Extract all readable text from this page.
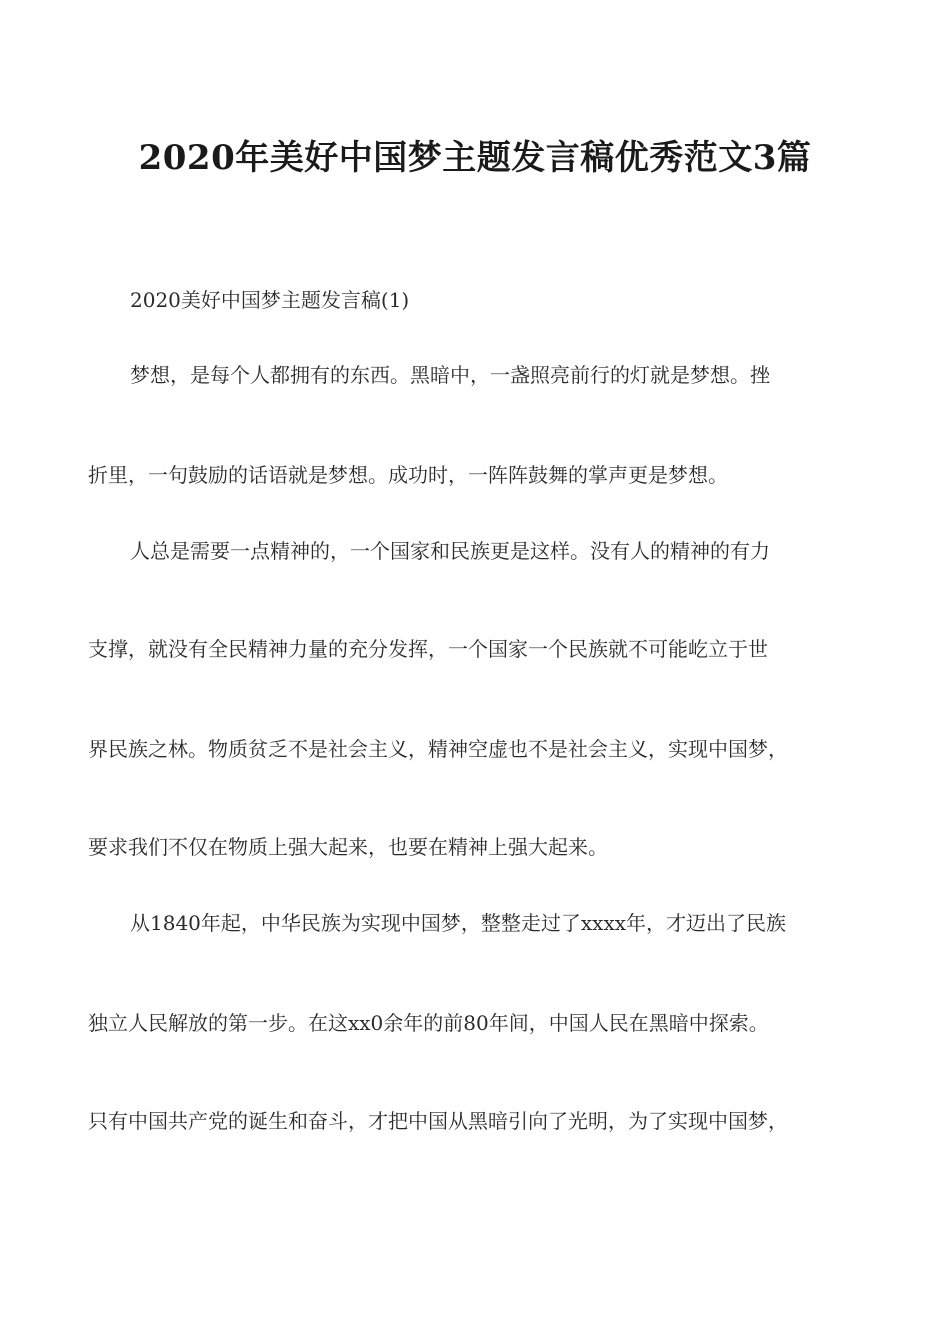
2020年美好中国梦主题发言稿优秀范文3篇
2020美好中国梦主题发言稿(1)
梦想，是每个人都拥有的东西。黑暗中，一盏照亮前行的灯就是梦想。挫
折里，一句鼓励的话语就是梦想。成功时，一阵阵鼓舞的掌声更是梦想。
人总是需要一点精神的，一个国家和民族更是这样。没有人的精神的有力
支撑，就没有全民精神力量的充分发挥，一个国家一个民族就不可能屹立于世
界民族之林。物质贫乏不是社会主义，精神空虚也不是社会主义，实现中国梦，
要求我们不仅在物质上强大起来，也要在精神上强大起来。
从1840年起，中华民族为实现中国梦，整整走过了xxxx年，才迈出了民族
独立人民解放的第一步。在这xx0余年的前80年间，中国人民在黑暗中探索。
只有中国共产党的诞生和奋斗，才把中国从黑暗引向了光明，为了实现中国梦，
